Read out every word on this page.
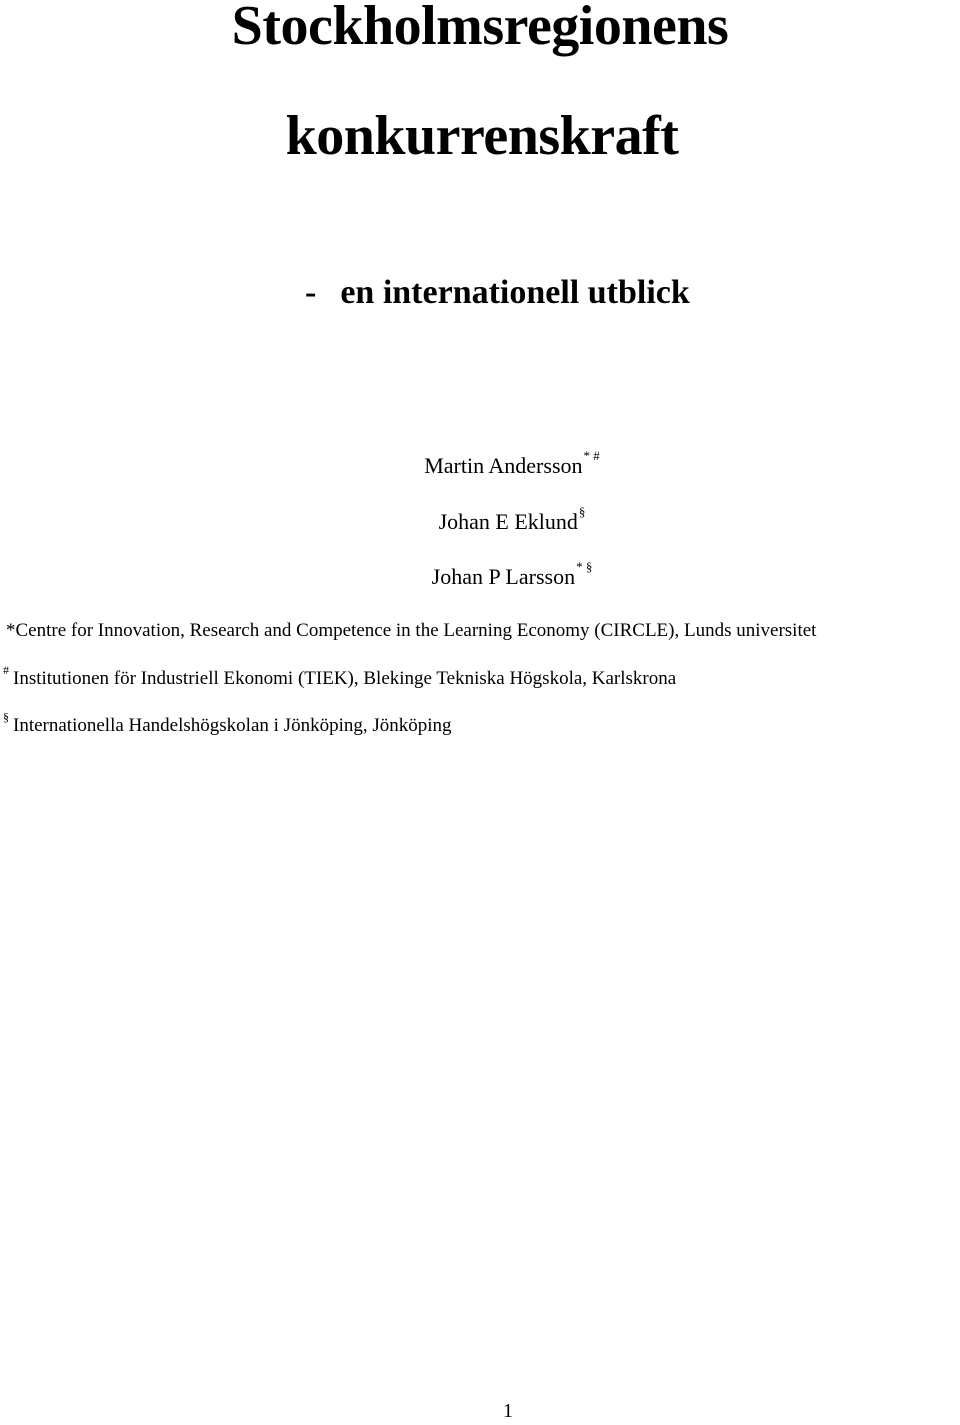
Stockholmsregionens
konkurrenskraft
- en internationell utblick
Martin Andersson* #
Johan E Eklund§
Johan P Larsson* §
*Centre for Innovation, Research and Competence in the Learning Economy (CIRCLE), Lunds universitet
# Institutionen för Industriell Ekonomi (TIEK), Blekinge Tekniska Högskola, Karlskrona
§ Internationella Handelshögskolan i Jönköping, Jönköping
1
